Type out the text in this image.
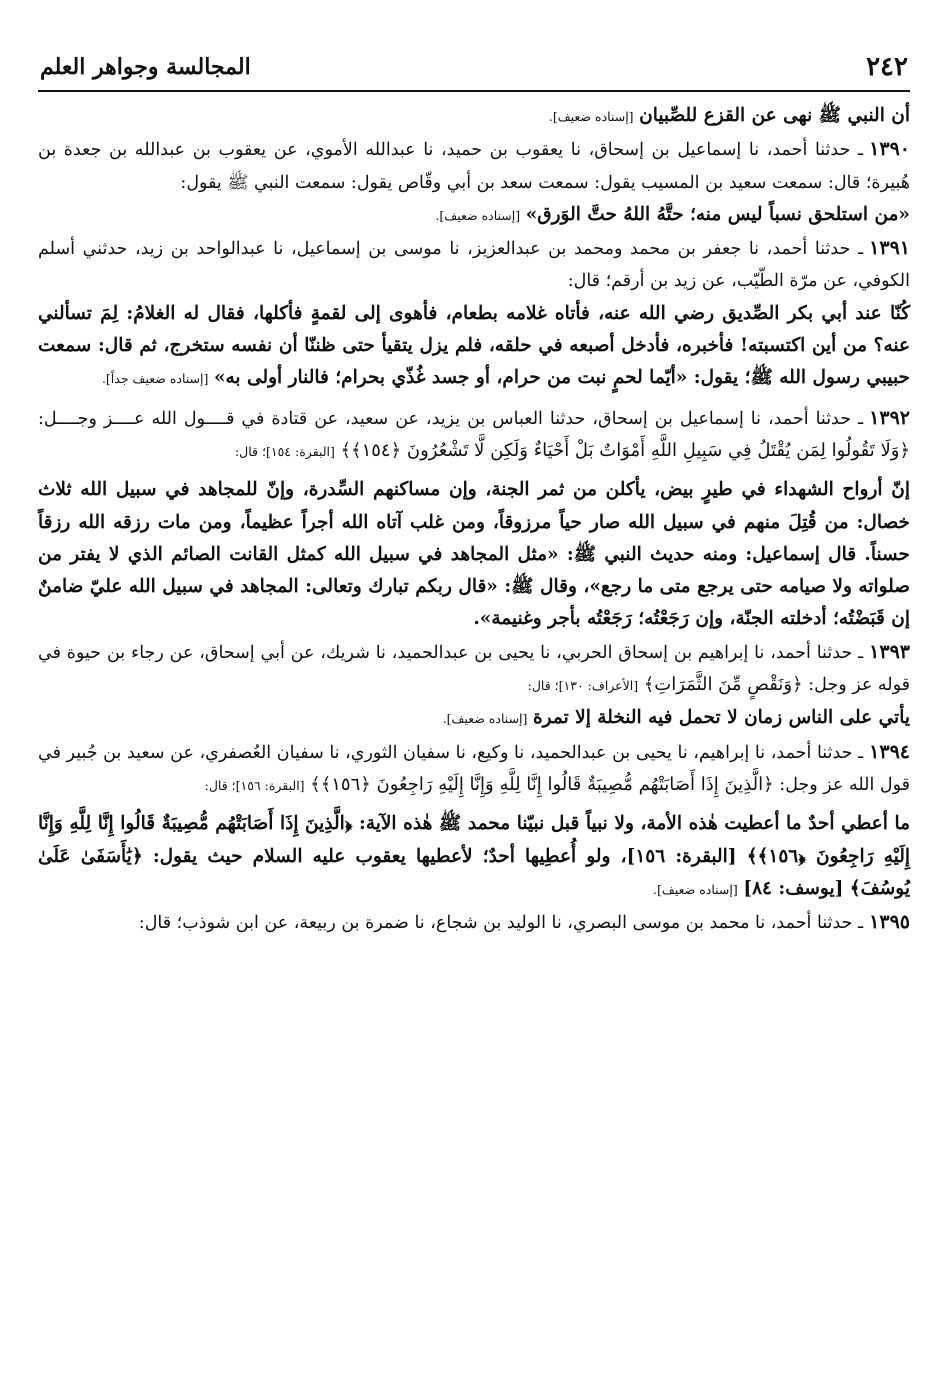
٢٤٢
المجالسة وجواهر العلم

أن النبي ﷺ نهى عن القزع للصِّبيان [إسناده ضعيف].

١٣٩٠ـ حدثنا أحمد، نا إسماعيل بن إسحاق، نا يعقوب بن حميد، نا عبدالله الأموي، عن يعقوب بن عبدالله بن جعدة بن هُبيرة؛ قال: سمعت سعيد بن المسيب يقول: سمعت سعد بن أبي وقّاص يقول: سمعت النبي ﷺ يقول:

«من استلحق نسباً ليس منه؛ حتَّهُ اللهُ حتَّ الوَرق» [إسناده ضعيف].

١٣٩١ـ حدثنا أحمد، نا جعفر بن محمد ومحمد بن عبدالعزيز، نا موسى بن إسماعيل، نا عبدالواحد بن زيد، حدثني أسلم الكوفي، عن مرّة الطّيّب، عن زيد بن أرقم؛ قال:

كُنّا عند أبي بكر الصِّديق رضي الله عنه، فأتاه غلامه بطعام، فأهوى إلى لقمةٍ فأكلها، فقال له الغلامُ: لِمَ تسألني عنه؟ من أين اكتسبته! فأخبره، فأدخل أصبعه في حلقه، فلم يزل يتقيأ حتى ظننّا أن نفسه ستخرج، ثم قال: سمعت حبيبي رسول الله ﷺ؛ يقول: «أيّما لحمٍ نبت من حرام، أو جسد غُذّي بحرام؛ فالنار أولى به» [إسناده ضعيف جداً].

١٣٩٢ـ حدثنا أحمد، نا إسماعيل بن إسحاق، حدثنا العباس بن يزيد، عن سعيد، عن قتادة في قــــول الله عــــز وجــــل: ﴿وَلَا تَقُولُوا لِمَن يُقْتَلُ فِي سَبِيلِ اللَّهِ أَمْوَاتٌ بَلْ أَحْيَاءٌ وَلَكِن لَّا تَشْعُرُونَ ﴿١٥٤﴾﴾ [البقرة: ١٥٤]؛ قال:

إنّ أرواح الشهداء في طيرٍ بيض، يأكلن من ثمر الجنة، وإن مساكنهم السِّدرة، وإنّ للمجاهد في سبيل الله ثلاث خصال: من قُتِلَ منهم في سبيل الله صار حياً مرزوقاً، ومن غلب آتاه الله أجراً عظيماً، ومن مات رزقه الله رزقاً حسناً. قال إسماعيل: ومنه حديث النبي ﷺ: «مثل المجاهد في سبيل الله كمثل القانت الصائم الذي لا يفتر من صلواته ولا صيامه حتى يرجع متى ما رجع»، وقال ﷺ: «قال ربكم تبارك وتعالى: المجاهد في سبيل الله عليّ ضامنٌ إن قَبَضْتُه؛ أدخلته الجنّة، وإن رَجَعْتُه؛ رَجَعْتُه بأجر وغنيمة».

١٣٩٣ـ حدثنا أحمد، نا إبراهيم بن إسحاق الحربي، نا يحيى بن عبدالحميد، نا شريك، عن أبي إسحاق، عن رجاء بن حيوة في قوله عز وجل: ﴿وَنَقْصٍ مِّنَ الثَّمَرَاتِ﴾ [الأعراف: ١٣٠]؛ قال:

يأتي على الناس زمان لا تحمل فيه النخلة إلا تمرة [إسناده ضعيف].

١٣٩٤ـ حدثنا أحمد، نا إبراهيم، نا يحيى بن عبدالحميد، نا وكيع، نا سفيان الثوري، نا سفيان العُصفري، عن سعيد بن جُبير في قول الله عز وجل: ﴿الَّذِينَ إِذَا أَصَابَتْهُم مُّصِيبَةٌ قَالُوا إِنَّا لِلَّهِ وَإِنَّا إِلَيْهِ رَاجِعُونَ ﴿١٥٦﴾﴾ [البقرة: ١٥٦]؛ قال:

ما أعطي أحدٌ ما أعطيت هٰذه الأمة، ولا نبياً قبل نبيّنا محمد ﷺ هٰذه الآية: ﴿الَّذِينَ إِذَا أَصَابَتْهُم مُّصِيبَةٌ قَالُوا إِنَّا لِلَّهِ وَإِنَّا إِلَيْهِ رَاجِعُونَ ﴿١٥٦﴾﴾ [البقرة: ١٥٦]، ولو أُعطِيها أحدٌ؛ لأعطيها يعقوب عليه السلام حيث يقول: ﴿يَٰأَسَفَىٰ عَلَىٰ يُوسُفَ﴾ [يوسف: ٨٤] [إسناده ضعيف].

١٣٩٥ـ حدثنا أحمد، نا محمد بن موسى البصري، نا الوليد بن شجاع، نا ضمرة بن ربيعة، عن ابن شوذب؛ قال:
